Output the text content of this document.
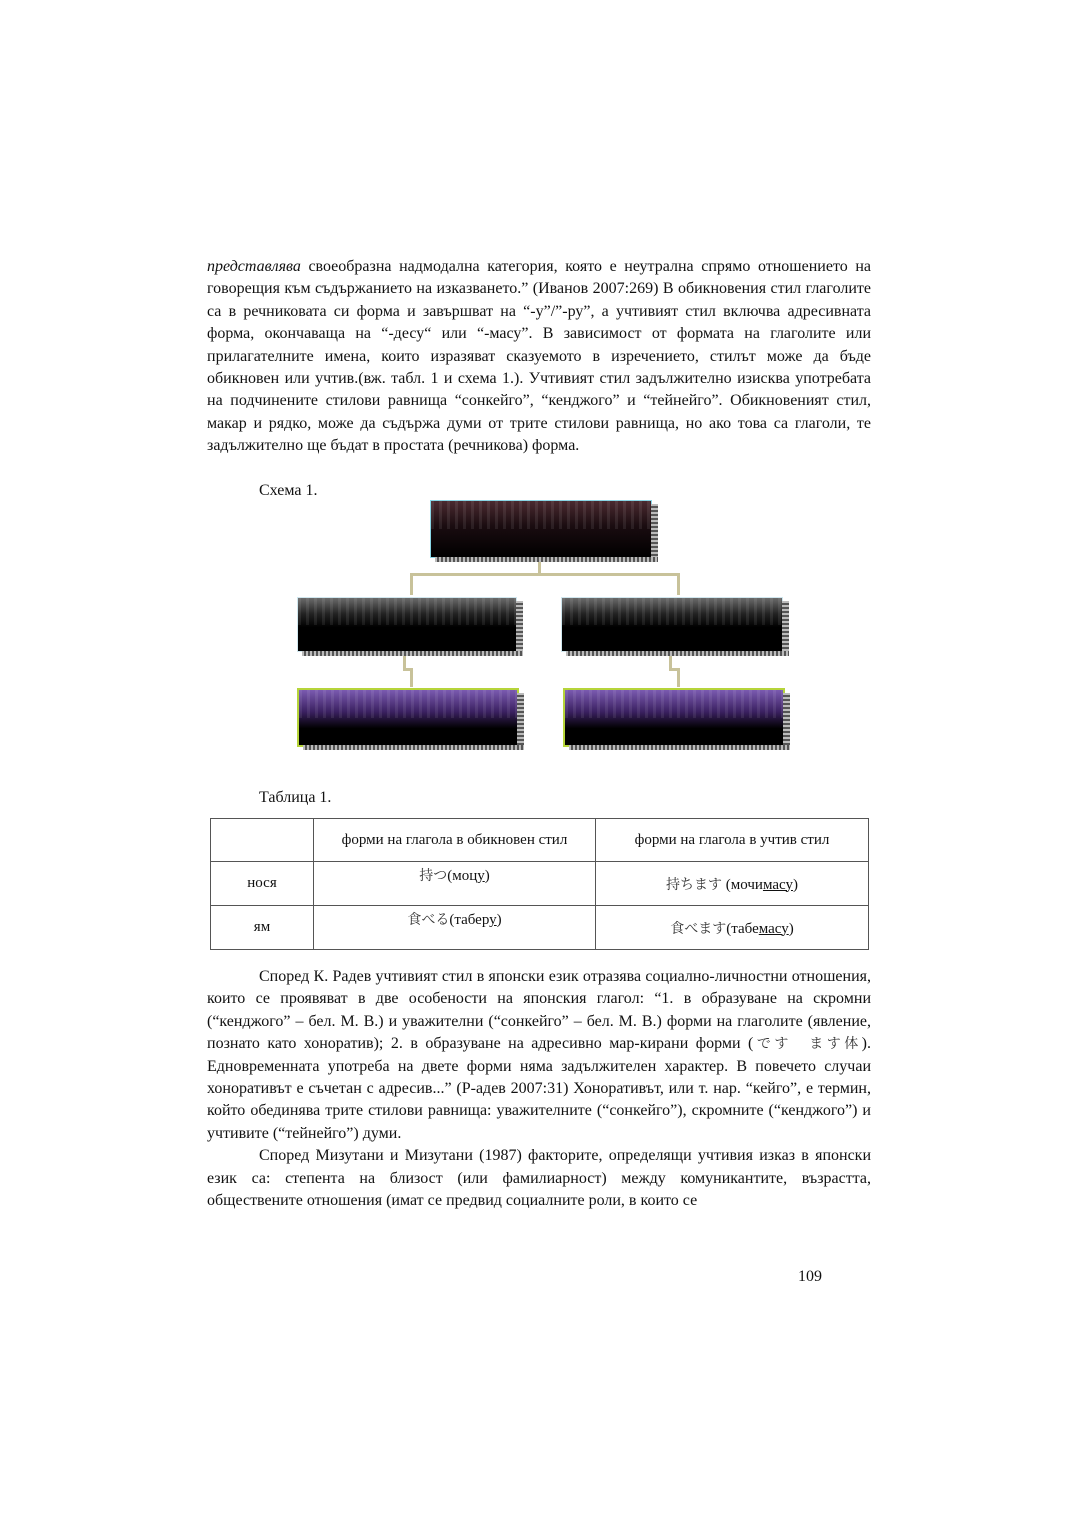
представлява своеобразна надмодална категория, която е неутрална спрямо отношението на говорещия към съдържанието на изказването.” (Иванов 2007:269) В обикновения стил глаголите са в речниковата си форма и завършват на “-у”/”-ру”, а учтивият стил включва адресивната форма, окончаваща на “-десу“ или “-масу”. В зависимост от формата на глаголите или прилагателните имена, които изразяват сказуемото в изречението, стилът може да бъде обикновен или учтив.(вж. табл. 1 и схема 1.). Учтивият стил задължително изисква употребата на подчинените стилови равнища “сонкейго”, “кенджого” и “тейнейго”. Обикновеният стил, макар и рядко, може да съдържа думи от трите стилови равнища, но ако това са глаголи, те задължително ще бъдат в простата (речникова) форма.

Схема 1.
Таблица 1.
	форми на глагола в обикновен стил	форми на глагола в учтив стил
нося	持つ(моцу)	持ちます (мочимасу)
ям	食べる(таберу)	食べます(табемасу)

Според К. Радев учтивият стил в японски език отразява социално-личностни отношения, които се проявяват в две особености на японския глагол: “1. в образуване на скромни (“кенджого” – бел. М. В.) и уважителни (“сонкейго” – бел. М. В.) форми на глаголите (явление, познато като хоноратив); 2. в образуване на адресивно мар-кирани форми (です　ます体). Едновременната употреба на двете форми няма задължителен характер. В повечето случаи хоноративът е съчетан с адресив...” (Р-адев 2007:31) Хоноративът, или т. нар. “кейго”, е термин, който обединява трите стилови равнища: уважителните (“сонкейго”), скромните (“кенджого”) и учтивите (“тейнейго”) думи.

Според Мизутани и Мизутани (1987) факторите, определящи учтивия изказ в японски език са: степента на близост (или фамилиарност) между комуникантите, възрастта, обществените отношения (имат се предвид социалните роли, в които се

109
